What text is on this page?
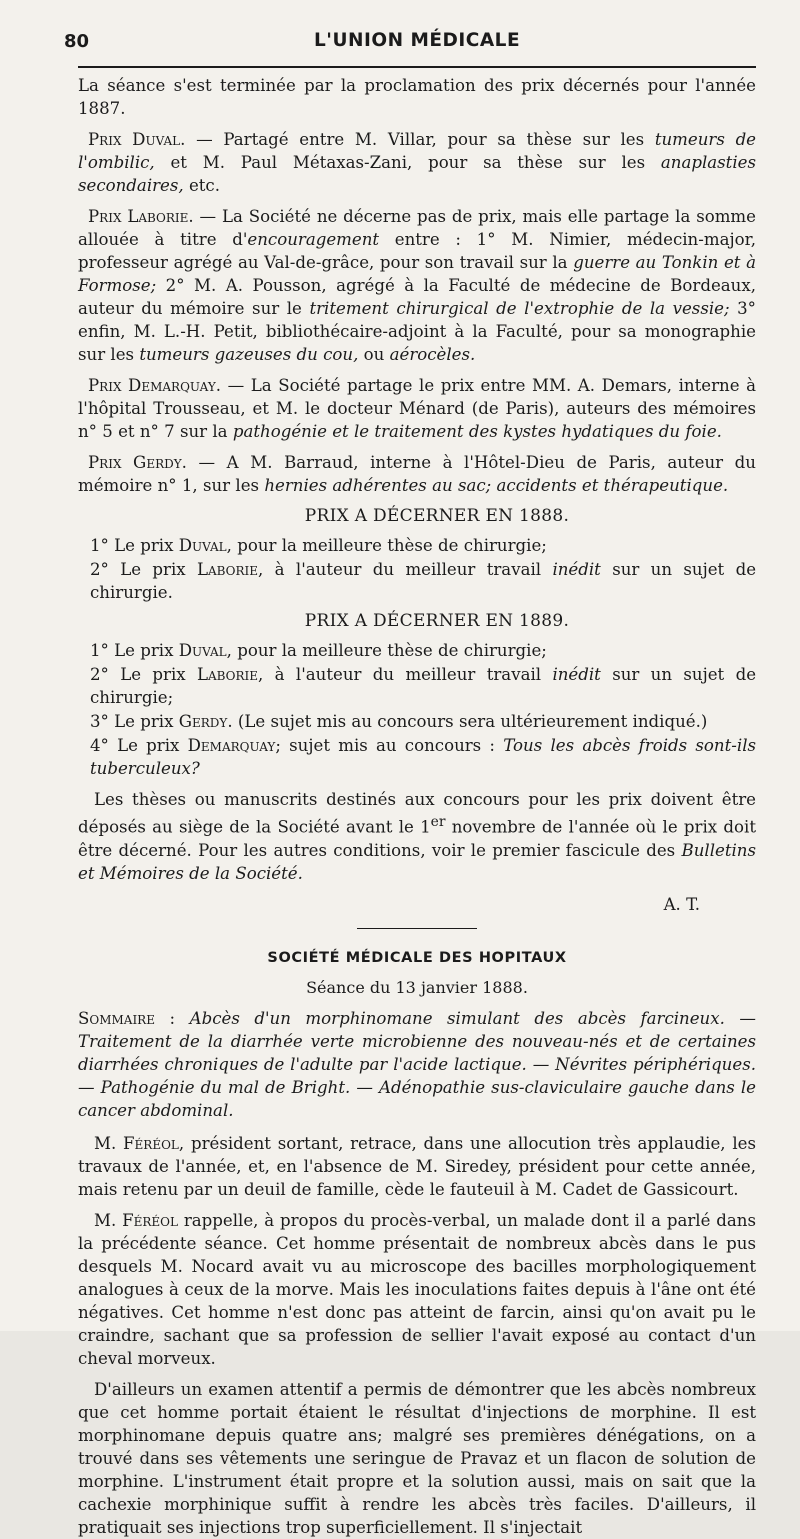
80	L'UNION MÉDICALE

La séance s'est terminée par la proclamation des prix décernés pour l'année 1887.

Prix Duval. — Partagé entre M. Villar, pour sa thèse sur les tumeurs de l'ombilic, et M. Paul Métaxas-Zani, pour sa thèse sur les anaplasties secondaires, etc.

Prix Laborie. — La Société ne décerne pas de prix, mais elle partage la somme allouée à titre d'encouragement entre : 1° M. Nimier, médecin-major, professeur agrégé au Val-de-grâce, pour son travail sur la guerre au Tonkin et à Formose; 2° M. A. Pousson, agrégé à la Faculté de médecine de Bordeaux, auteur du mémoire sur le tritement chirurgical de l'extrophie de la vessie; 3° enfin, M. L.-H. Petit, bibliothécaire-adjoint à la Faculté, pour sa monographie sur les tumeurs gazeuses du cou, ou aérocèles.

Prix Demarquay. — La Société partage le prix entre MM. A. Demars, interne à l'hôpital Trousseau, et M. le docteur Ménard (de Paris), auteurs des mémoires n° 5 et n° 7 sur la pathogénie et le traitement des kystes hydatiques du foie.

Prix Gerdy. — A M. Barraud, interne à l'Hôtel-Dieu de Paris, auteur du mémoire n° 1, sur les hernies adhérentes au sac; accidents et thérapeutique.

PRIX A DÉCERNER EN 1888.

1° Le prix Duval, pour la meilleure thèse de chirurgie;

2° Le prix Laborie, à l'auteur du meilleur travail inédit sur un sujet de chirurgie.

PRIX A DÉCERNER EN 1889.

1° Le prix Duval, pour la meilleure thèse de chirurgie;

2° Le prix Laborie, à l'auteur du meilleur travail inédit sur un sujet de chirurgie;

3° Le prix Gerdy. (Le sujet mis au concours sera ultérieurement indiqué.)

4° Le prix Demarquay; sujet mis au concours : Tous les abcès froids sont-ils tuberculeux?

Les thèses ou manuscrits destinés aux concours pour les prix doivent être déposés au siège de la Société avant le 1er novembre de l'année où le prix doit être décerné. Pour les autres conditions, voir le premier fascicule des Bulletins et Mémoires de la Société.

A. T.
SOCIÉTÉ MÉDICALE DES HOPITAUX
Séance du 13 janvier 1888.

Sommaire : Abcès d'un morphinomane simulant des abcès farcineux. — Traitement de la diarrhée verte microbienne des nouveau-nés et de certaines diarrhées chroniques de l'adulte par l'acide lactique. — Névrites périphériques. — Pathogénie du mal de Bright. — Adénopathie sus-claviculaire gauche dans le cancer abdominal.

M. Féréol, président sortant, retrace, dans une allocution très applaudie, les travaux de l'année, et, en l'absence de M. Siredey, président pour cette année, mais retenu par un deuil de famille, cède le fauteuil à M. Cadet de Gassicourt.

M. Féréol rappelle, à propos du procès-verbal, un malade dont il a parlé dans la précédente séance. Cet homme présentait de nombreux abcès dans le pus desquels M. Nocard avait vu au microscope des bacilles morphologiquement analogues à ceux de la morve. Mais les inoculations faites depuis à l'âne ont été négatives. Cet homme n'est donc pas atteint de farcin, ainsi qu'on avait pu le craindre, sachant que sa profession de sellier l'avait exposé au contact d'un cheval morveux.

D'ailleurs un examen attentif a permis de démontrer que les abcès nombreux que cet homme portait étaient le résultat d'injections de morphine. Il est morphinomane depuis quatre ans; malgré ses premières dénégations, on a trouvé dans ses vêtements une seringue de Pravaz et un flacon de solution de morphine. L'instrument était propre et la solution aussi, mais on sait que la cachexie morphinique suffit à rendre les abcès très faciles. D'ailleurs, il pratiquait ses injections trop superficiellement. Il s'injectait
